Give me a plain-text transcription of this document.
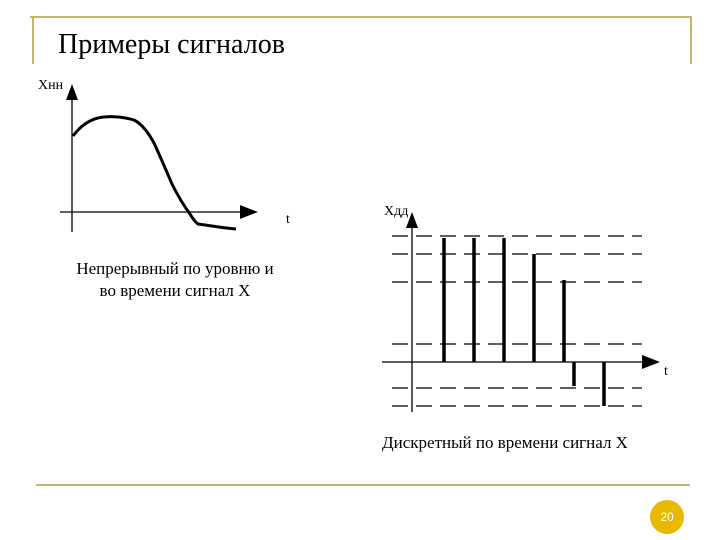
Примеры сигналов
Xнн
t
Непрерывный по уровню и
во времени сигнал X
Xдд
t
Дискретный по времени сигнал X
20
